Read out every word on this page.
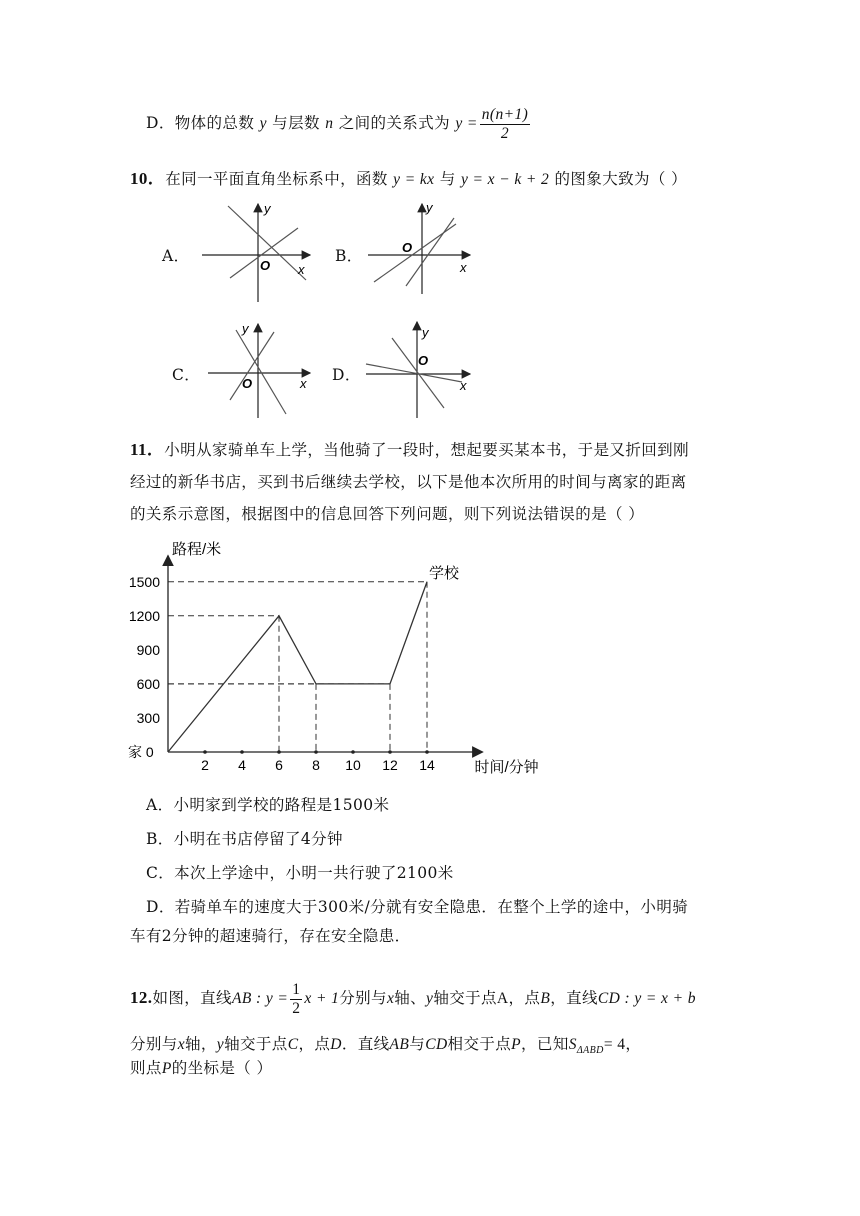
D．物体的总数 y 与层数 n 之间的关系式为 $y = \frac{n(n+1)}{2}$
10．在同一平面直角坐标系中，函数 y = kx 与 y = x − k + 2 的图象大致为（ ）
A．	B．
C．	D．
O x
y
O
x
y
O	x
y
O
x
y
11．小明从家骑单车上学，当他骑了一段时，想起要买某本书，于是又折回到刚
经过的新华书店，买到书后继续去学校，以下是他本次所用的时间与离家的距离
的关系示意图，根据图中的信息回答下列问题，则下列说法错误的是（ ）
2 4 6 8 10 12 14
300
600
900
1200
1500
路程/米
时间/分钟
家 0
学校
A．小明家到学校的路程是1500米
B．小明在书店停留了4分钟
C．本次上学途中，小明一共行驶了2100米
D．若骑单车的速度大于300米/分就有安全隐患．在整个上学的途中，小明骑
车有2分钟的超速骑行，存在安全隐患．
12.如图，直线AB : $y = \frac{1}{2}$ x + 1分别与x轴、y轴交于点A，点B，直线CD : y = x + b
分别与x轴，y轴交于点C，点D．直线AB与CD相交于点P，已知$S_{\Delta ABD}= 4$，
则点P的坐标是（ ）
